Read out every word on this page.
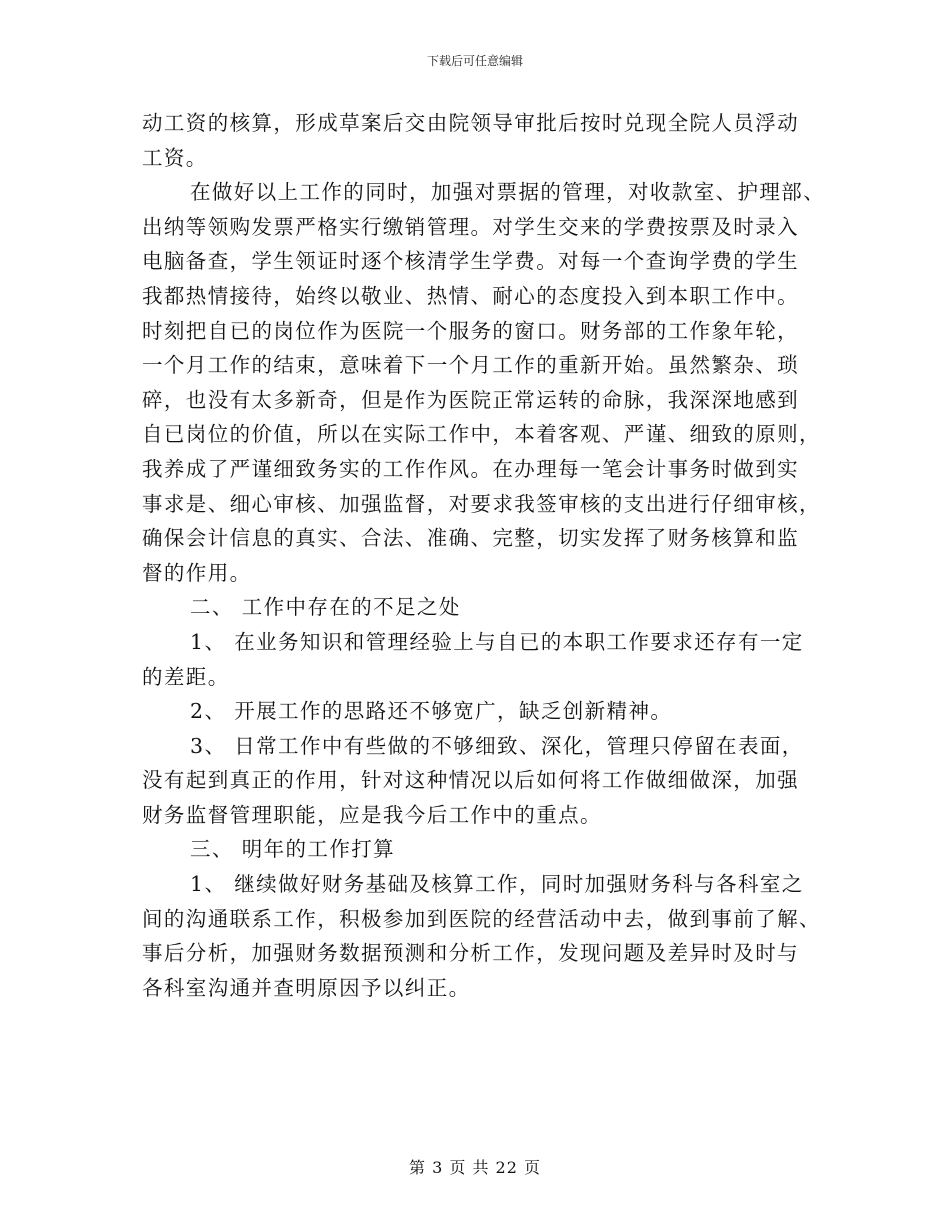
下载后可任意编辑
动工资的核算，形成草案后交由院领导审批后按时兑现全院人员浮动
工资。
在做好以上工作的同时，加强对票据的管理，对收款室、护理部、
出纳等领购发票严格实行缴销管理。对学生交来的学费按票及时录入
电脑备查，学生领证时逐个核清学生学费。对每一个查询学费的学生
我都热情接待，始终以敬业、热情、耐心的态度投入到本职工作中。
时刻把自已的岗位作为医院一个服务的窗口。财务部的工作象年轮，
一个月工作的结束，意味着下一个月工作的重新开始。虽然繁杂、琐
碎，也没有太多新奇，但是作为医院正常运转的命脉，我深深地感到
自已岗位的价值，所以在实际工作中，本着客观、严谨、细致的原则，
我养成了严谨细致务实的工作作风。在办理每一笔会计事务时做到实
事求是、细心审核、加强监督，对要求我签审核的支出进行仔细审核，
确保会计信息的真实、合法、准确、完整，切实发挥了财务核算和监
督的作用。
二、 工作中存在的不足之处
1、 在业务知识和管理经验上与自已的本职工作要求还存有一定
的差距。
2、 开展工作的思路还不够宽广，缺乏创新精神。
3、 日常工作中有些做的不够细致、深化，管理只停留在表面，
没有起到真正的作用，针对这种情况以后如何将工作做细做深，加强
财务监督管理职能，应是我今后工作中的重点。
三、 明年的工作打算
1、 继续做好财务基础及核算工作，同时加强财务科与各科室之
间的沟通联系工作，积极参加到医院的经营活动中去，做到事前了解、
事后分析，加强财务数据预测和分析工作，发现问题及差异时及时与
各科室沟通并查明原因予以纠正。
第 3 页 共 22 页
